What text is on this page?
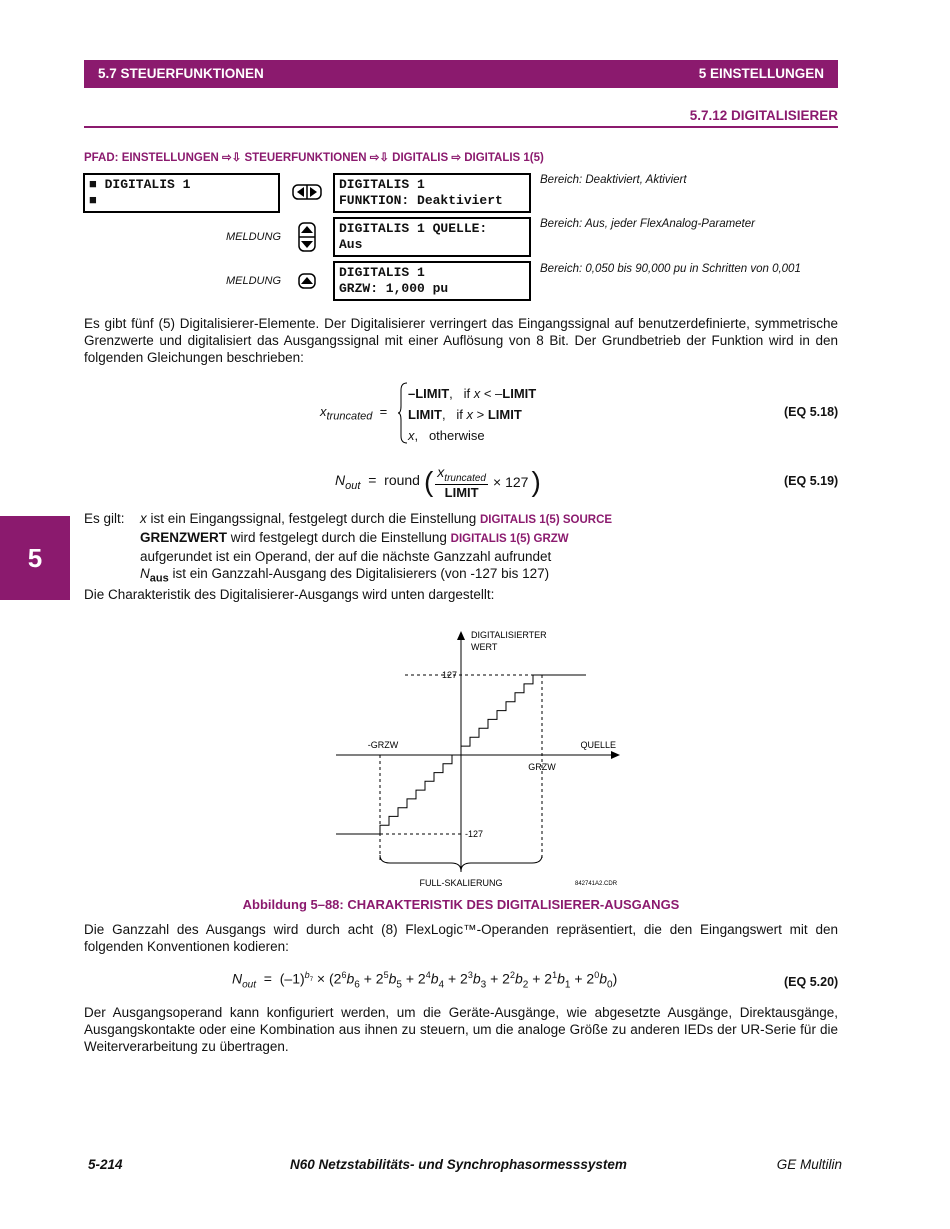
5.7 STEUERFUNKTIONEN	5 EINSTELLUNGEN
5.7.12 DIGITALISIERER
PFAD: EINSTELLUNGEN ⇨⇩ STEUERFUNKTIONEN ⇨⇩ DIGITALIS ⇨ DIGITALIS 1(5)
■ DIGITALIS 1
■
DIGITALIS 1
FUNKTION: Deaktiviert
Bereich: Deaktiviert, Aktiviert
MELDUNG
DIGITALIS 1 QUELLE:
Aus
Bereich: Aus, jeder FlexAnalog-Parameter
MELDUNG
DIGITALIS 1
GRZW: 1,000 pu
Bereich: 0,050 bis 90,000 pu in Schritten von 0,001
Es gibt fünf (5) Digitalisierer-Elemente. Der Digitalisierer verringert das Eingangssignal auf benutzerdefinierte, symmetrische Grenzwerte und digitalisiert das Ausgangssignal mit einer Auflösung von 8 Bit. Der Grundbetrieb der Funktion wird in den folgenden Gleichungen beschrieben:
$x_{truncated}$  =
–LIMIT,   if x < –LIMIT
LIMIT,   if x > LIMIT
x,   otherwise
(EQ 5.18)
$N_{out}$  =  round	(	$x_{truncated}$
LIMIT
	× 127	)	(EQ 5.19)
5
Es gilt: x ist ein Eingangssignal, festgelegt durch die Einstellung DIGITALIS 1(5) SOURCE
GRENZWERT wird festgelegt durch die Einstellung DIGITALIS 1(5) GRZW
aufgerundet ist ein Operand, der auf die nächste Ganzzahl aufrundet
$N_{aus}$ ist ein Ganzzahl-Ausgang des Digitalisierers (von -127 bis 127)
Die Charakteristik des Digitalisierer-Ausgangs wird unten dargestellt:
DIGITALISIERTER
WERT
127
-127
QUELLE
-GRZW
GRZW
FULL-SKALIERUNG	842741A2.CDR
Abbildung 5–88: CHARAKTERISTIK DES DIGITALISIERER-AUSGANGS
Die Ganzzahl des Ausgangs wird durch acht (8) FlexLogic™-Operanden repräsentiert, die den Eingangswert mit den folgenden Konventionen kodieren:
$N_{out} = (-1)^{b_7} \times (2^6b_6 + 2^5b_5 + 2^4b_4 + 2^3b_3 + 2^2b_2 + 2^1b_1 + 2^0b_0)$	(EQ 5.20)
Der Ausgangsoperand kann konfiguriert werden, um die Geräte-Ausgänge, wie abgesetzte Ausgänge, Direktausgänge, Ausgangskontakte oder eine Kombination aus ihnen zu steuern, um die analoge Größe zu anderen IEDs der UR-Serie für die Weiterverarbeitung zu übertragen.
5-214	N60 Netzstabilitäts- und Synchrophasormesssystem	GE Multilin
